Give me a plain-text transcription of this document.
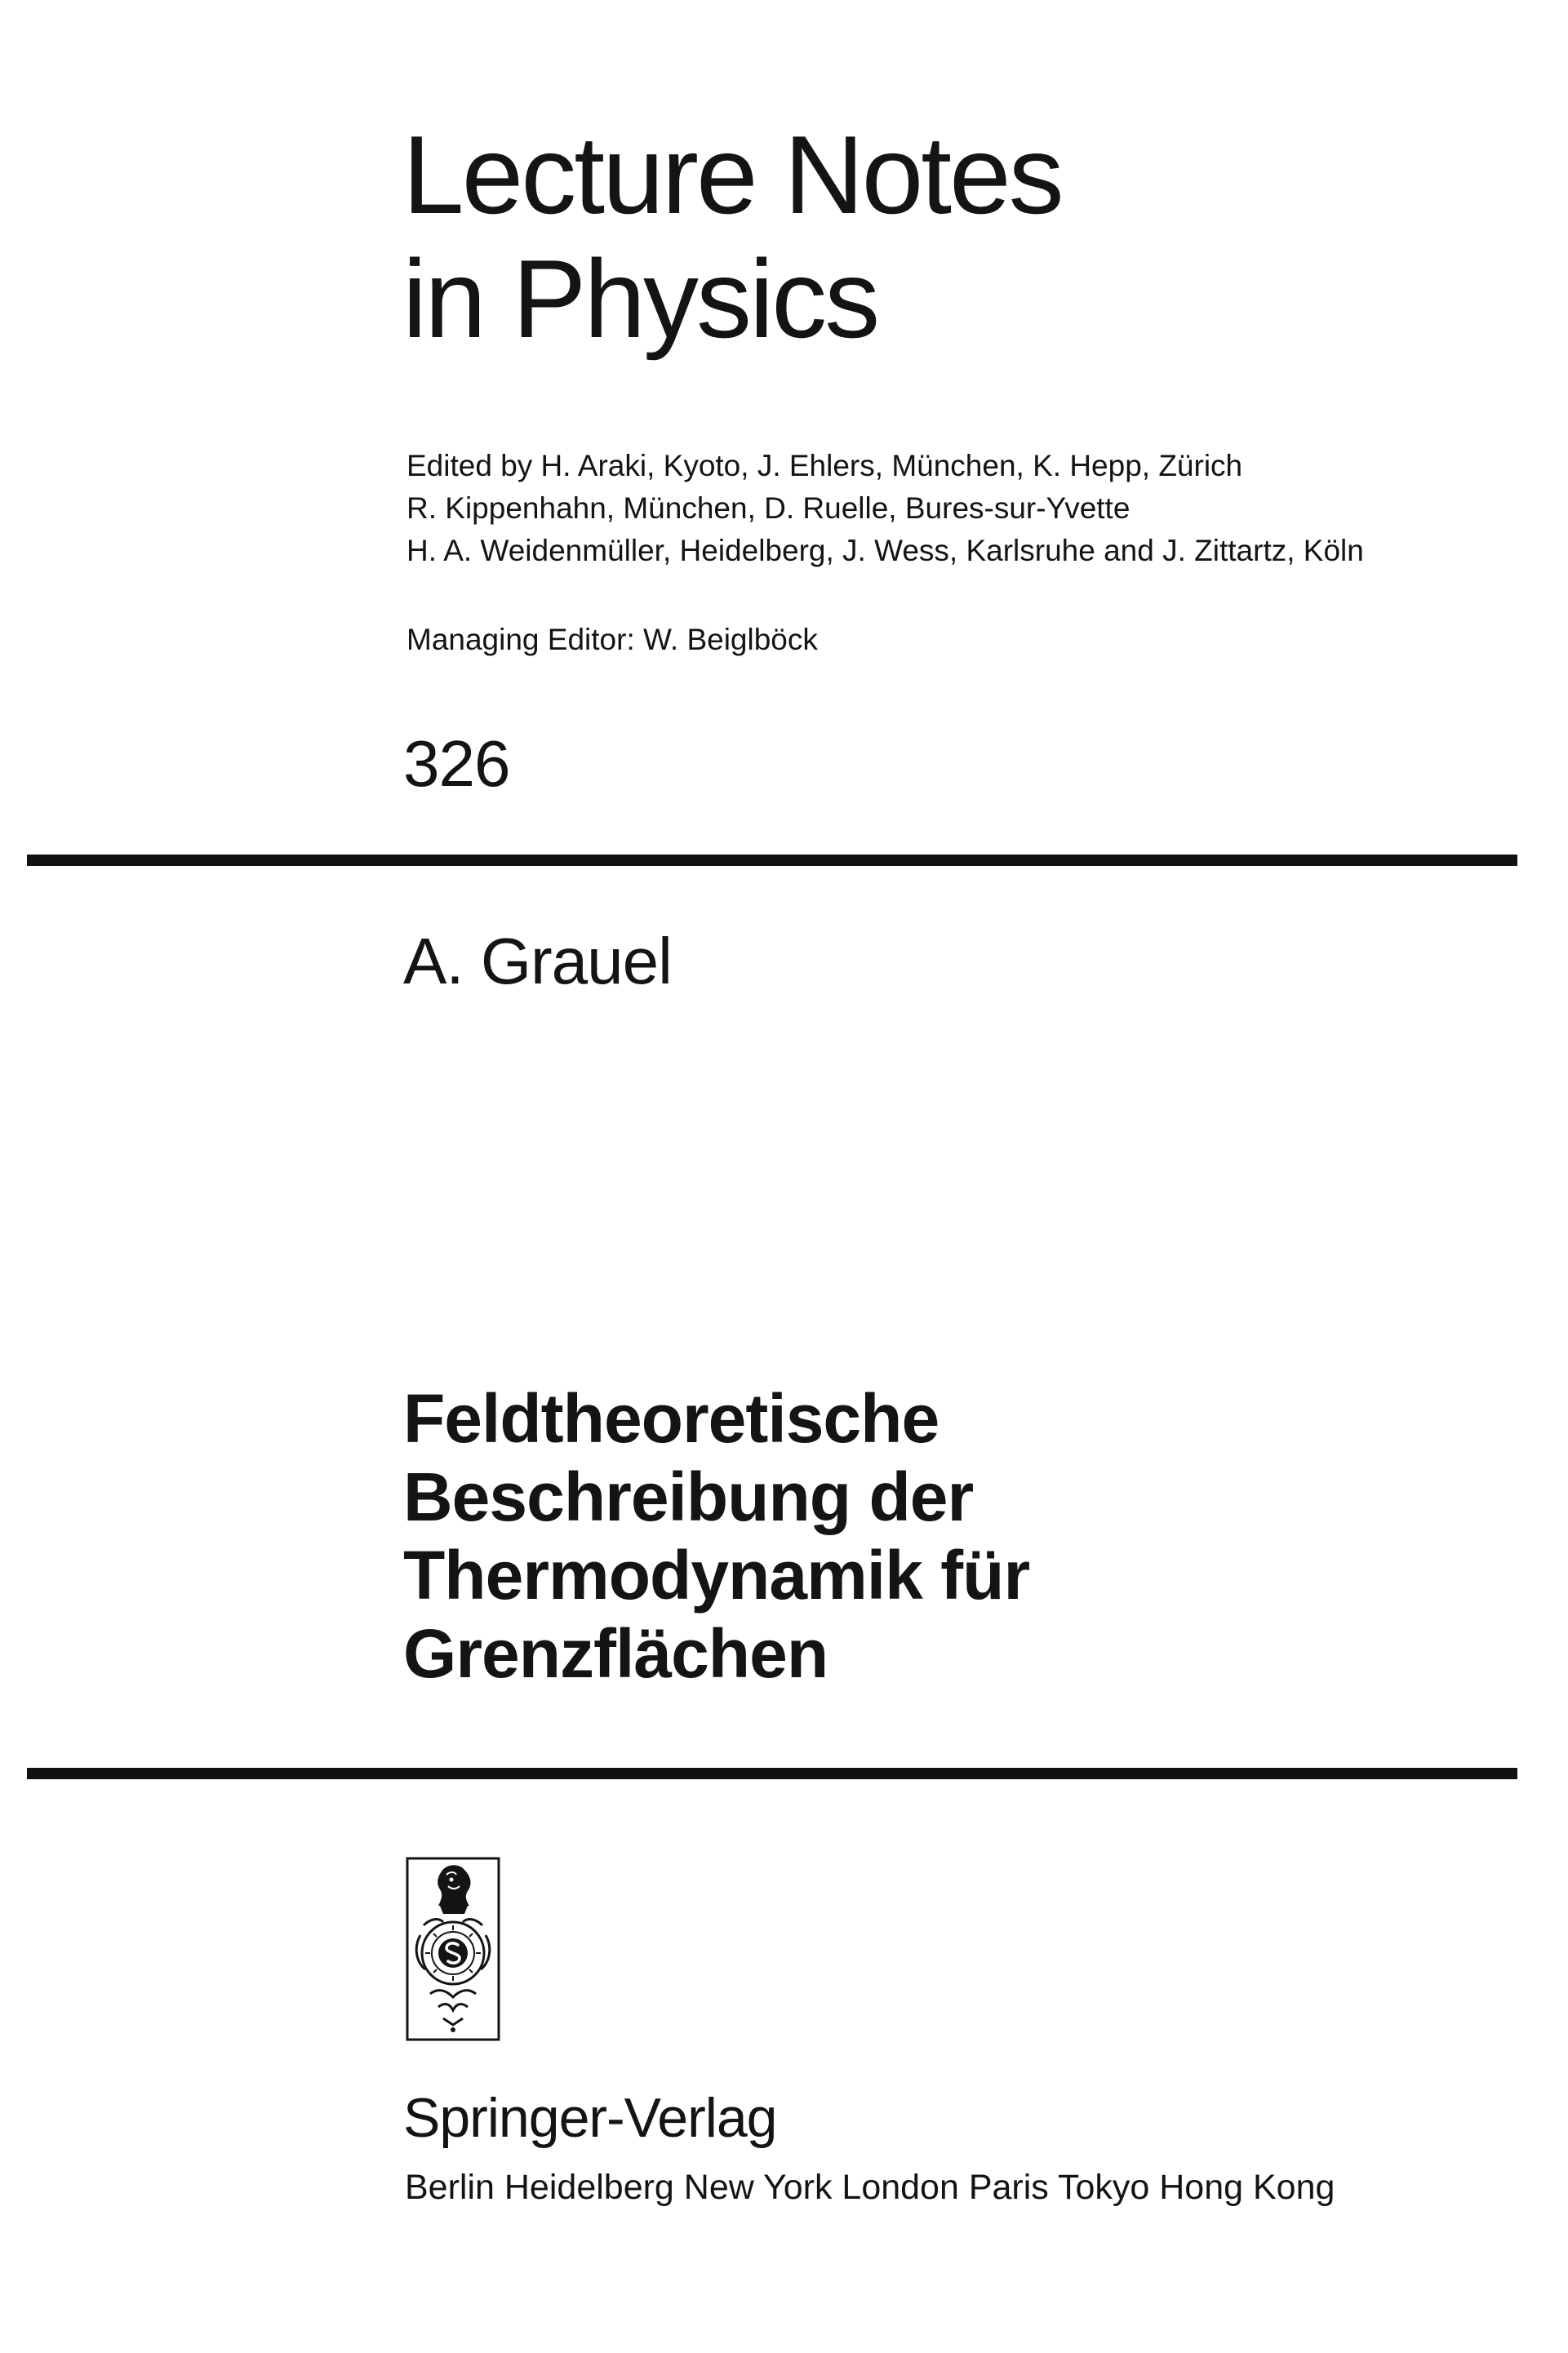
Lecture Notes
in Physics

Edited by H. Araki, Kyoto, J. Ehlers, München, K. Hepp, Zürich
R. Kippenhahn, München, D. Ruelle, Bures-sur-Yvette
H. A. Weidenmüller, Heidelberg, J. Wess, Karlsruhe and J. Zittartz, Köln

Managing Editor: W. Beiglböck
326
A. Grauel
Feldtheoretische
Beschreibung der
Thermodynamik für
Grenzflächen
Springer-Verlag
Berlin Heidelberg New York London Paris Tokyo Hong Kong
